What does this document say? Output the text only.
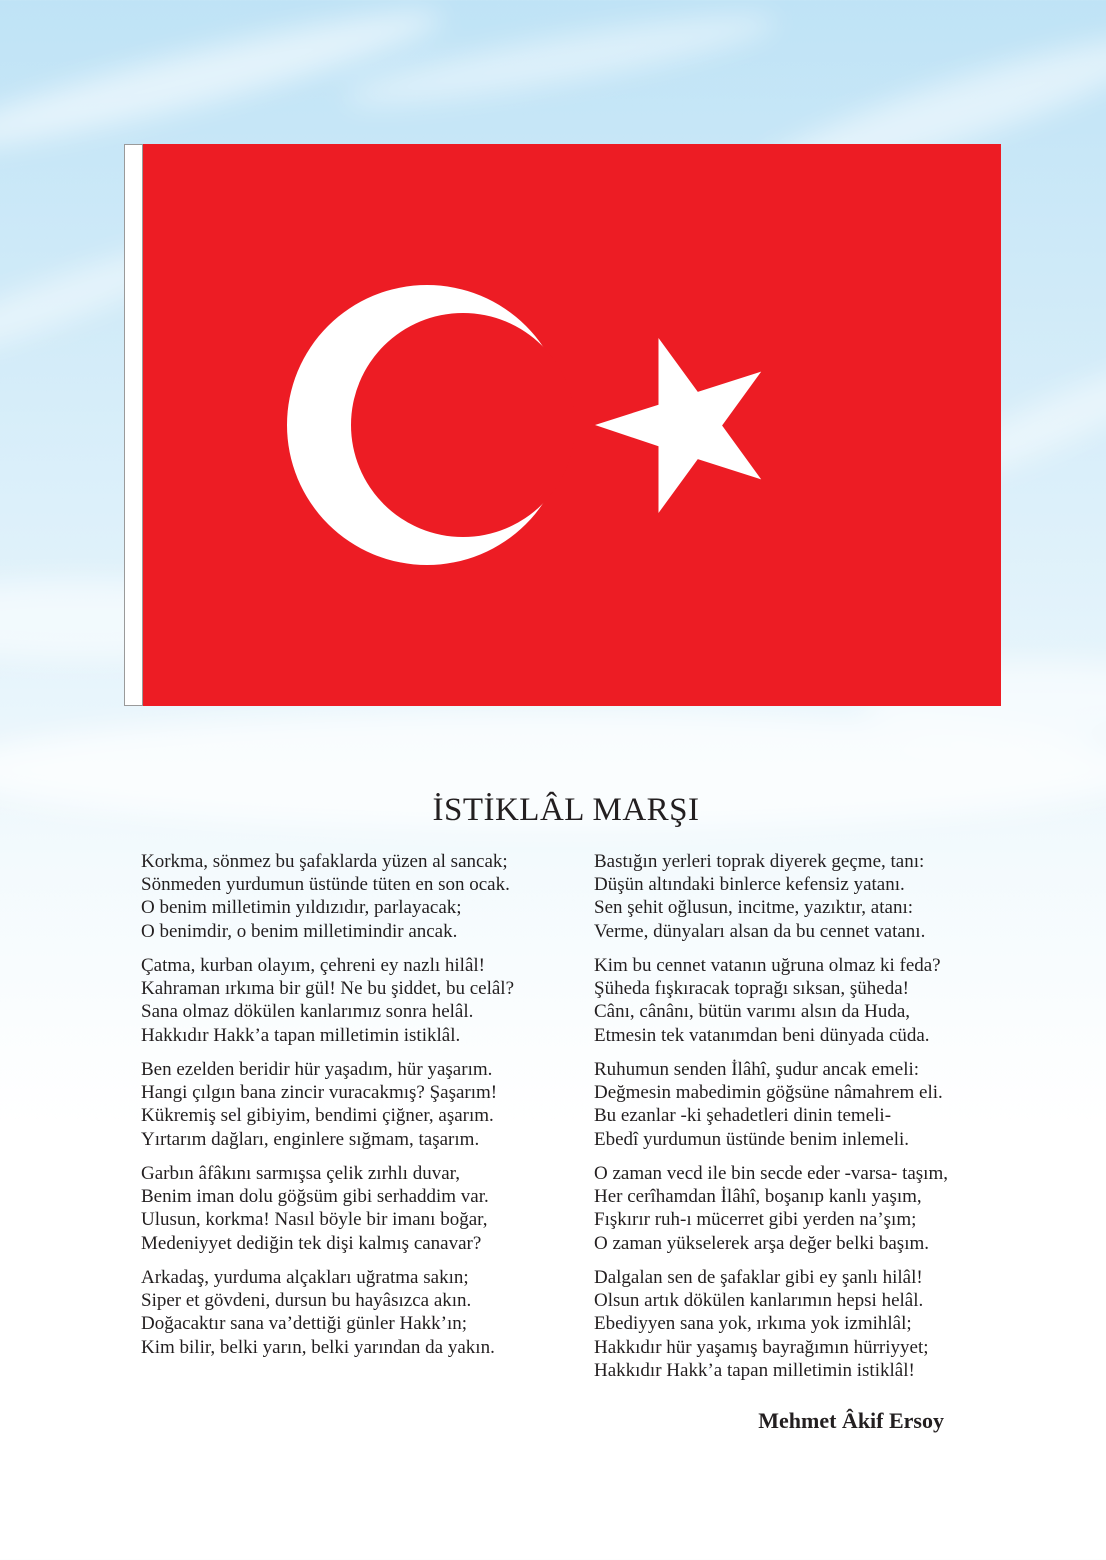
İSTİKLÂL MARŞI

Korkma, sönmez bu şafaklarda yüzen al sancak;
Sönmeden yurdumun üstünde tüten en son ocak.
O benim milletimin yıldızıdır, parlayacak;
O benimdir, o benim milletimindir ancak.

Çatma, kurban olayım, çehreni ey nazlı hilâl!
Kahraman ırkıma bir gül! Ne bu şiddet, bu celâl?
Sana olmaz dökülen kanlarımız sonra helâl.
Hakkıdır Hakk’a tapan milletimin istiklâl.

Ben ezelden beridir hür yaşadım, hür yaşarım.
Hangi çılgın bana zincir vuracakmış? Şaşarım!
Kükremiş sel gibiyim, bendimi çiğner, aşarım.
Yırtarım dağları, enginlere sığmam, taşarım.

Garbın âfâkını sarmışsa çelik zırhlı duvar,
Benim iman dolu göğsüm gibi serhaddim var.
Ulusun, korkma! Nasıl böyle bir imanı boğar,
Medeniyyet dediğin tek dişi kalmış canavar?

Arkadaş, yurduma alçakları uğratma sakın;
Siper et gövdeni, dursun bu hayâsızca akın.
Doğacaktır sana va’dettiği günler Hakk’ın;
Kim bilir, belki yarın, belki yarından da yakın.

Bastığın yerleri toprak diyerek geçme, tanı:
Düşün altındaki binlerce kefensiz yatanı.
Sen şehit oğlusun, incitme, yazıktır, atanı:
Verme, dünyaları alsan da bu cennet vatanı.

Kim bu cennet vatanın uğruna olmaz ki feda?
Şüheda fışkıracak toprağı sıksan, şüheda!
Cânı, cânânı, bütün varımı alsın da Huda,
Etmesin tek vatanımdan beni dünyada cüda.

Ruhumun senden İlâhî, şudur ancak emeli:
Değmesin mabedimin göğsüne nâmahrem eli.
Bu ezanlar -ki şehadetleri dinin temeli-
Ebedî yurdumun üstünde benim inlemeli.

O zaman vecd ile bin secde eder -varsa- taşım,
Her cerîhamdan İlâhî, boşanıp kanlı yaşım,
Fışkırır ruh-ı mücerret gibi yerden na’şım;
O zaman yükselerek arşa değer belki başım.

Dalgalan sen de şafaklar gibi ey şanlı hilâl!
Olsun artık dökülen kanlarımın hepsi helâl.
Ebediyyen sana yok, ırkıma yok izmihlâl;
Hakkıdır hür yaşamış bayrağımın hürriyyet;
Hakkıdır Hakk’a tapan milletimin istiklâl!

Mehmet Âkif Ersoy
